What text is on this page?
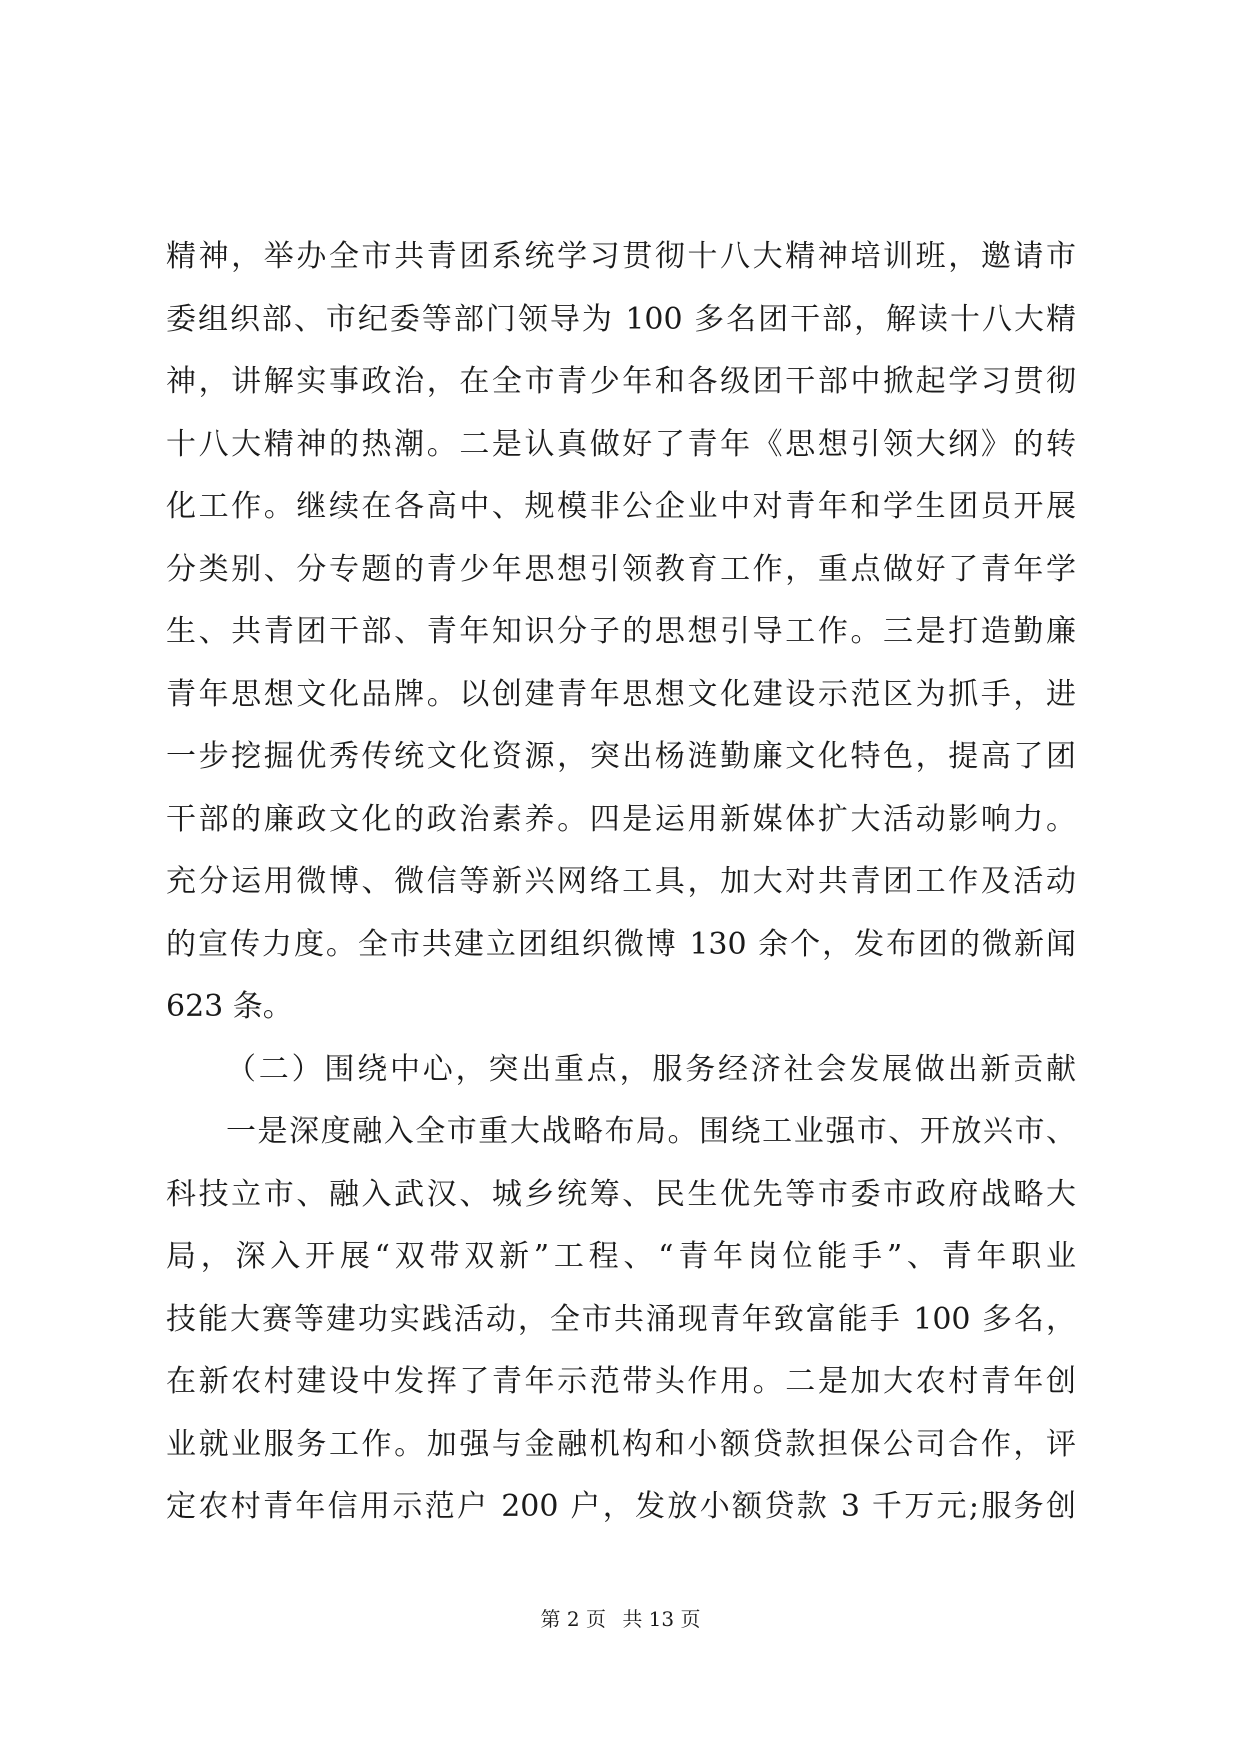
精神，举办全市共青团系统学习贯彻十八大精神培训班，邀请市
委组织部、市纪委等部门领导为 100 多名团干部，解读十八大精
神，讲解实事政治，在全市青少年和各级团干部中掀起学习贯彻
十八大精神的热潮。二是认真做好了青年《思想引领大纲》的转
化工作。继续在各高中、规模非公企业中对青年和学生团员开展
分类别、分专题的青少年思想引领教育工作，重点做好了青年学
生、共青团干部、青年知识分子的思想引导工作。三是打造勤廉
青年思想文化品牌。以创建青年思想文化建设示范区为抓手，进
一步挖掘优秀传统文化资源，突出杨涟勤廉文化特色，提高了团
干部的廉政文化的政治素养。四是运用新媒体扩大活动影响力。
充分运用微博、微信等新兴网络工具，加大对共青团工作及活动
的宣传力度。全市共建立团组织微博 130 余个，发布团的微新闻
623 条。
（二）围绕中心，突出重点，服务经济社会发展做出新贡献
一是深度融入全市重大战略布局。围绕工业强市、开放兴市、
科技立市、融入武汉、城乡统筹、民生优先等市委市政府战略大
局，深入开展“双带双新”工程、“青年岗位能手”、青年职业
技能大赛等建功实践活动，全市共涌现青年致富能手 100 多名，
在新农村建设中发挥了青年示范带头作用。二是加大农村青年创
业就业服务工作。加强与金融机构和小额贷款担保公司合作，评
定农村青年信用示范户 200 户，发放小额贷款 3 千万元;服务创
第 2 页 共 13 页
